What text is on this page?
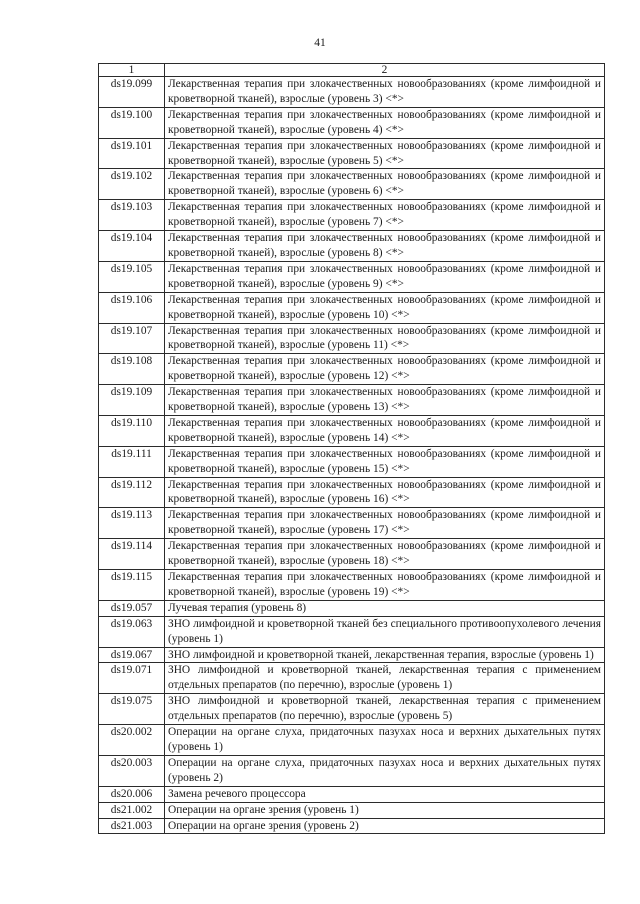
41
1	2
ds19.099	Лекарственная терапия при злокачественных новообразованиях (кроме лимфоидной и кроветворной тканей), взрослые (уровень 3) <*>
ds19.100	Лекарственная терапия при злокачественных новообразованиях (кроме лимфоидной и кроветворной тканей), взрослые (уровень 4) <*>
ds19.101	Лекарственная терапия при злокачественных новообразованиях (кроме лимфоидной и кроветворной тканей), взрослые (уровень 5) <*>
ds19.102	Лекарственная терапия при злокачественных новообразованиях (кроме лимфоидной и кроветворной тканей), взрослые (уровень 6) <*>
ds19.103	Лекарственная терапия при злокачественных новообразованиях (кроме лимфоидной и кроветворной тканей), взрослые (уровень 7) <*>
ds19.104	Лекарственная терапия при злокачественных новообразованиях (кроме лимфоидной и кроветворной тканей), взрослые (уровень 8) <*>
ds19.105	Лекарственная терапия при злокачественных новообразованиях (кроме лимфоидной и кроветворной тканей), взрослые (уровень 9) <*>
ds19.106	Лекарственная терапия при злокачественных новообразованиях (кроме лимфоидной и кроветворной тканей), взрослые (уровень 10) <*>
ds19.107	Лекарственная терапия при злокачественных новообразованиях (кроме лимфоидной и кроветворной тканей), взрослые (уровень 11) <*>
ds19.108	Лекарственная терапия при злокачественных новообразованиях (кроме лимфоидной и кроветворной тканей), взрослые (уровень 12) <*>
ds19.109	Лекарственная терапия при злокачественных новообразованиях (кроме лимфоидной и кроветворной тканей), взрослые (уровень 13) <*>
ds19.110	Лекарственная терапия при злокачественных новообразованиях (кроме лимфоидной и кроветворной тканей), взрослые (уровень 14) <*>
ds19.111	Лекарственная терапия при злокачественных новообразованиях (кроме лимфоидной и кроветворной тканей), взрослые (уровень 15) <*>
ds19.112	Лекарственная терапия при злокачественных новообразованиях (кроме лимфоидной и кроветворной тканей), взрослые (уровень 16) <*>
ds19.113	Лекарственная терапия при злокачественных новообразованиях (кроме лимфоидной и кроветворной тканей), взрослые (уровень 17) <*>
ds19.114	Лекарственная терапия при злокачественных новообразованиях (кроме лимфоидной и кроветворной тканей), взрослые (уровень 18) <*>
ds19.115	Лекарственная терапия при злокачественных новообразованиях (кроме лимфоидной и кроветворной тканей), взрослые (уровень 19) <*>
ds19.057	Лучевая терапия (уровень 8)
ds19.063	ЗНО лимфоидной и кроветворной тканей без специального противоопухолевого лечения (уровень 1)
ds19.067	ЗНО лимфоидной и кроветворной тканей, лекарственная терапия, взрослые (уровень 1)
ds19.071	ЗНО лимфоидной и кроветворной тканей, лекарственная терапия с применением отдельных препаратов (по перечню), взрослые (уровень 1)
ds19.075	ЗНО лимфоидной и кроветворной тканей, лекарственная терапия с применением отдельных препаратов (по перечню), взрослые (уровень 5)
ds20.002	Операции на органе слуха, придаточных пазухах носа и верхних дыхательных путях (уровень 1)
ds20.003	Операции на органе слуха, придаточных пазухах носа и верхних дыхательных путях (уровень 2)
ds20.006	Замена речевого процессора
ds21.002	Операции на органе зрения (уровень 1)
ds21.003	Операции на органе зрения (уровень 2)
